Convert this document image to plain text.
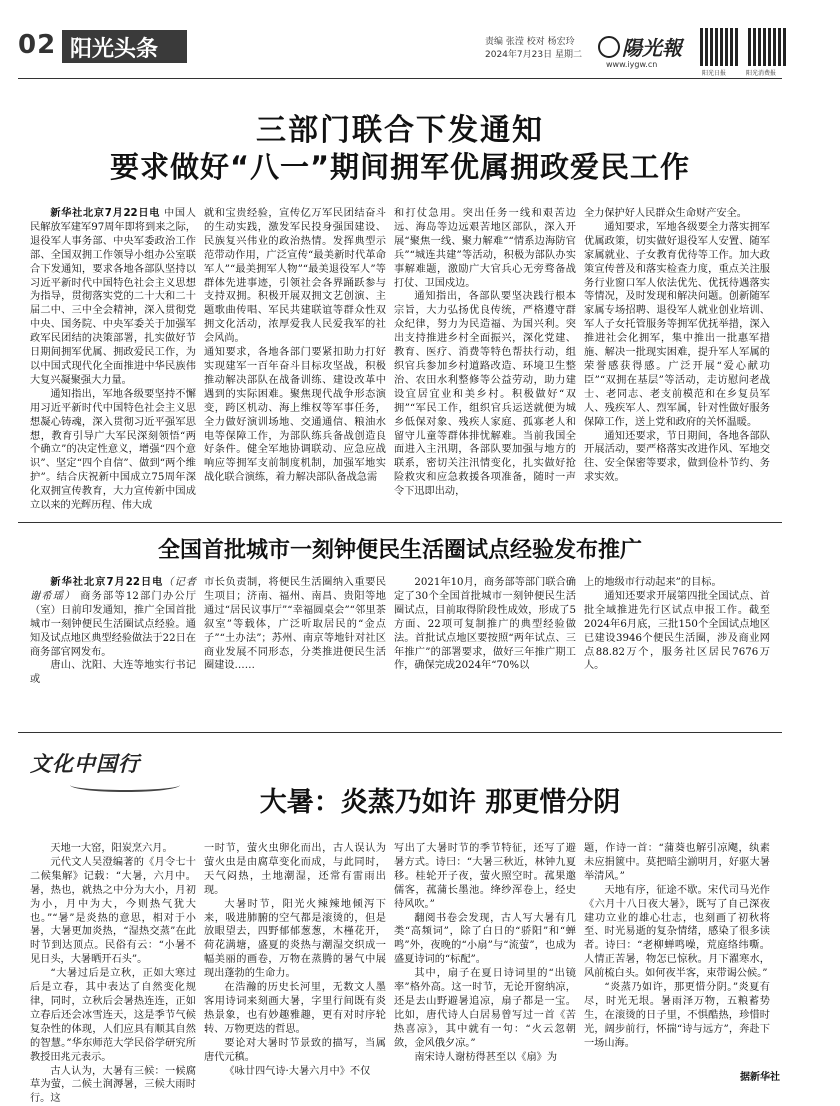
02 阳光头条	责编 张滢 校对 杨宏玲
2024年7月23日 星期二 陽光報
www.iygw.cn
阳光日报	阳光消费报
三部门联合下发通知
要求做好“八一”期间拥军优属拥政爱民工作

新华社北京7月22日电 中国人民解放军建军97周年即将到来之际，退役军人事务部、中央军委政治工作部、全国双拥工作领导小组办公室联合下发通知，要求各地各部队坚持以习近平新时代中国特色社会主义思想为指导，贯彻落实党的二十大和二十届二中、三中全会精神，深入贯彻党中央、国务院、中央军委关于加强军政军民团结的决策部署，扎实做好节日期间拥军优属、拥政爱民工作，为以中国式现代化全面推进中华民族伟大复兴凝聚强大力量。

通知指出，军地各级要坚持不懈用习近平新时代中国特色社会主义思想凝心铸魂，深入贯彻习近平强军思想，教育引导广大军民深刻领悟“两个确立”的决定性意义，增强“四个意识”、坚定“四个自信”、做到“两个维护”。结合庆祝新中国成立75周年深化双拥宣传教育，大力宣传新中国成立以来的光辉历程、伟大成

就和宝贵经验，宣传亿万军民团结奋斗的生动实践，激发军民投身强国建设、民族复兴伟业的政治热情。发挥典型示范带动作用，广泛宣传“最美新时代革命军人”“最美拥军人物”“最美退役军人”等群体先进事迹，引领社会各界踊跃参与支持双拥。积极开展双拥文艺创演、主题歌曲传唱、军民共建联谊等群众性双拥文化活动，浓厚爱我人民爱我军的社会风尚。

通知要求，各地各部门要紧扣助力打好实现建军一百年奋斗目标攻坚战，积极推动解决部队在战备训练、建设改革中遇到的实际困难。聚焦现代战争形态演变，跨区机动、海上维权等军事任务，全力做好演训场地、交通通信、粮油水电等保障工作，为部队练兵备战创造良好条件。健全军地协调联动、应急应战响应等拥军支前制度机制，加强军地实战化联合演练，着力解决部队备战急需

和打仗急用。突出任务一线和艰苦边远、海岛等边远艰苦地区部队，深入开展“聚焦一线、聚力解难”“情系边海防官兵”“城连共建”等活动，积极为部队办实事解难题，激励广大官兵心无旁骛备战打仗、卫国戍边。

通知指出，各部队要坚决践行根本宗旨，大力弘扬优良传统，严格遵守群众纪律，努力为民造福、为国兴利。突出支持推进乡村全面振兴，深化党建、教育、医疗、消费等特色帮扶行动，组织官兵参加乡村道路改造、环境卫生整治、农田水利整修等公益劳动，助力建设宜居宜业和美乡村。积极做好“双拥”“军民工作，组织官兵运送就便为城乡低保对象、残疾人家庭、孤寡老人和留守儿童等群体排忧解难。当前我国全面进入主汛期，各部队要加强与地方的联系，密切关注汛情变化，扎实做好抢险救灾和应急救援各项准备，随时一声令下迅即出动，

全力保护好人民群众生命财产安全。

通知要求，军地各级要全力落实拥军优属政策，切实做好退役军人安置、随军家属就业、子女教育优待等工作。加大政策宣传普及和落实检查力度，重点关注服务行业窗口军人依法优先、优抚待遇落实等情况，及时发现和解决问题。创新随军家属专场招聘、退役军人就业创业培训、军人子女托管服务等拥军优抚举措，深入推进社会化拥军，集中推出一批惠军措施、解决一批现实困难，提升军人军属的荣誉感获得感。广泛开展“爱心献功臣”“双拥在基层”等活动，走访慰问老战士、老同志、老支前模范和在乡复员军人、残疾军人、烈军属，针对性做好服务保障工作，送上党和政府的关怀温暖。

通知还要求，节日期间，各地各部队开展活动，要严格落实改进作风、军地交往、安全保密等要求，做到俭朴节约、务求实效。

全国首批城市一刻钟便民生活圈试点经验发布推广

新华社北京7月22日电（记者 谢希瑶） 商务部等12部门办公厅（室）日前印发通知，推广全国首批城市一刻钟便民生活圈试点经验。通知及试点地区典型经验做法于22日在商务部官网发布。

唐山、沈阳、大连等地实行书记或

市长负责制，将便民生活圈纳入重要民生项目；济南、福州、南昌、贵阳等地通过“居民议事厅”“幸福圆桌会”“邻里茶叙室”等载体，广泛听取居民的“金点子”“土办法”；苏州、南京等地针对社区商业发展不同形态，分类推进便民生活圈建设……

2021年10月，商务部等部门联合确定了30个全国首批城市一刻钟便民生活圈试点，目前取得阶段性成效，形成了5方面、22项可复制推广的典型经验做法。首批试点地区要按照“两年试点、三年推广”的部署要求，做好三年推广期工作，确保完成2024年“70%以

上的地级市行动起来”的目标。

通知还要求开展第四批全国试点、首批全域推进先行区试点申报工作。截至2024年6月底，三批150个全国试点地区已建设3946个便民生活圈，涉及商业网点88.82万个，服务社区居民7676万人。

文化中国行
大暑：炎蒸乃如许 那更惜分阴

天地一大窑，阳炭烹六月。

元代文人吴澄编著的《月令七十二候集解》记载：“大暑，六月中。暑，热也，就热之中分为大小，月初为小，月中为大，今则热气犹大也。”“暑”是炎热的意思，相对于小暑，大暑更加炎热，“湿热交蒸”在此时节到达顶点。民俗有云：“小暑不见日头，大暑晒开石头”。

“大暑过后是立秋，正如大寒过后是立春，其中表达了自然变化规律，同时，立秋后会暑热连连，正如立春后还会冰雪连天，这是季节气候复杂性的体现，人们应具有顺其自然的智慧。”华东师范大学民俗学研究所教授田兆元表示。

古人认为，大暑有三候：一候腐草为萤，二候土润溽暑，三候大雨时行。这

一时节，萤火虫卵化而出，古人误认为萤火虫是由腐草变化而成，与此同时，天气闷热，土地潮湿，还常有雷雨出现。

大暑时节，阳光火辣辣地倾泻下来，吸进肺腑的空气都是滚烫的，但是放眼望去，四野郁郁葱葱，木槿花开，荷花满塘，盛夏的炎热与潮湿交织成一幅美丽的画卷，万物在蒸腾的暑气中展现出蓬勃的生命力。

在浩瀚的历史长河里，无数文人墨客用诗词来刻画大暑，字里行间既有炎热景象，也有妙趣雅趣，更有对时序轮转、万物更迭的哲思。

要论对大暑时节景致的描写，当属唐代元稹。

《咏廿四气诗·大暑六月中》不仅

写出了大暑时节的季节特征，还写了避暑方式。诗曰：“大暑三秋近，林钟九夏移。桂轮开子夜，萤火照空时。菰果邀儒客，菰蒲长墨池。绛纱浑卷上，经史待风吹。”

翻阅书卷会发现，古人写大暑有几类“高频词”，除了白日的“骄阳”和“蝉鸣”外，夜晚的“小扇”与“流萤”，也成为盛夏诗词的“标配”。

其中，扇子在夏日诗词里的“出镜率”格外高。这一时节，无论开窗纳凉，还是去山野避暑追凉，扇子都是一宝。比如，唐代诗人白居易曾写过一首《苦热喜凉》，其中就有一句：“火云忽朝敛，金风俄夕凉。”

南宋诗人谢枋得甚至以《扇》为

题，作诗一首：“蒲葵也解引凉飔，纨素未应捐篋中。莫把暗尘湔明月，好驱大暑举清风。”

天地有序，征途不歇。宋代司马光作《六月十八日夜大暑》，既写了自己深夜建功立业的雄心壮志，也刻画了初秋将至、时光易逝的复杂情绪，感染了很多读者。诗曰：“老柳蝉鸣噪，荒庭络纬嘶。人情正苦暑，物怎已惊秋。月下濯寒水，风前梳白头。如何夜半客，束带谒公候。”

“炎蒸乃如许，那更惜分阴。”炎夏有尽，时光无垠。暑雨泽万物，五粮蓄势生，在滚烫的日子里，不惧酷热，珍惜时光，阔步前行，怀揣“诗与远方”，奔赴下一场山海。

据新华社
